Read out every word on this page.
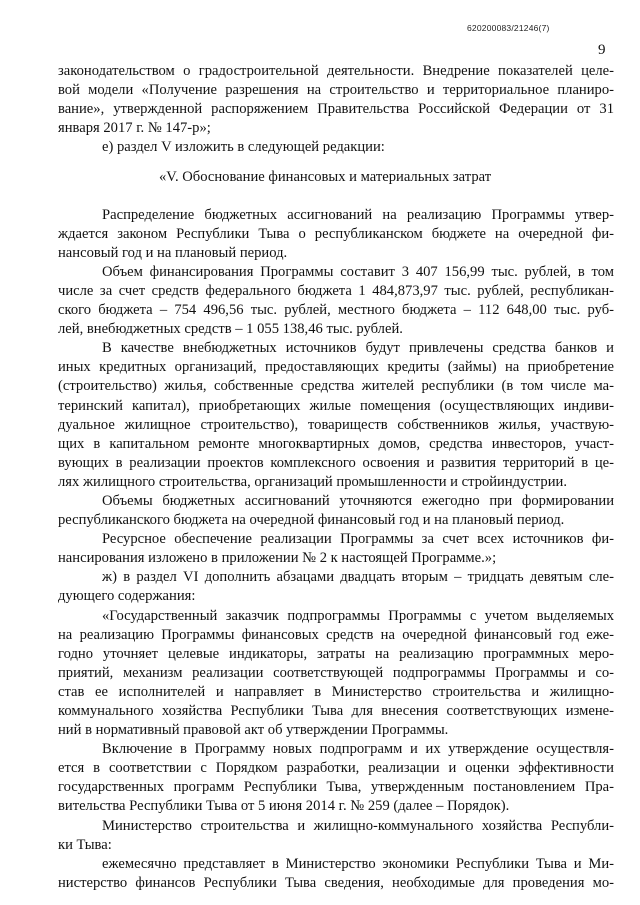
620200083/21246(7)
9
законодательством о градостроительной деятельности. Внедрение показателей целе-
вой модели «Получение разрешения на строительство и территориальное планиро-
вание», утвержденной распоряжением Правительства Российской Федерации от 31
января 2017 г. № 147-р»;
е) раздел V изложить в следующей редакции:
«V. Обоснование финансовых и материальных затрат
Распределение бюджетных ассигнований на реализацию Программы утвер-
ждается законом Республики Тыва о республиканском бюджете на очередной фи-
нансовый год и на плановый период.
Объем финансирования Программы составит 3 407 156,99 тыс. рублей, в том
числе за счет средств федерального бюджета 1 484,873,97 тыс. рублей, республикан-
ского бюджета – 754 496,56 тыс. рублей, местного бюджета – 112 648,00 тыс. руб-
лей, внебюджетных средств – 1 055 138,46 тыс. рублей.
В качестве внебюджетных источников будут привлечены средства банков и
иных кредитных организаций, предоставляющих кредиты (займы) на приобретение
(строительство) жилья, собственные средства жителей республики (в том числе ма-
теринский капитал), приобретающих жилые помещения (осуществляющих индиви-
дуальное жилищное строительство), товариществ собственников жилья, участвую-
щих в капитальном ремонте многоквартирных домов, средства инвесторов, участ-
вующих в реализации проектов комплексного освоения и развития территорий в це-
лях жилищного строительства, организаций промышленности и стройиндустрии.
Объемы бюджетных ассигнований уточняются ежегодно при формировании
республиканского бюджета на очередной финансовый год и на плановый период.
Ресурсное обеспечение реализации Программы за счет всех источников фи-
нансирования изложено в приложении № 2 к настоящей Программе.»;
ж) в раздел VI дополнить абзацами двадцать вторым – тридцать девятым сле-
дующего содержания:
«Государственный заказчик подпрограммы Программы с учетом выделяемых
на реализацию Программы финансовых средств на очередной финансовый год еже-
годно уточняет целевые индикаторы, затраты на реализацию программных меро-
приятий, механизм реализации соответствующей подпрограммы Программы и со-
став ее исполнителей и направляет в Министерство строительства и жилищно-
коммунального хозяйства Республики Тыва для внесения соответствующих измене-
ний в нормативный правовой акт об утверждении Программы.
Включение в Программу новых подпрограмм и их утверждение осуществля-
ется в соответствии с Порядком разработки, реализации и оценки эффективности
государственных программ Республики Тыва, утвержденным постановлением Пра-
вительства Республики Тыва от 5 июня 2014 г. № 259 (далее – Порядок).
Министерство строительства и жилищно-коммунального хозяйства Республи-
ки Тыва:
ежемесячно представляет в Министерство экономики Республики Тыва и Ми-
нистерство финансов Республики Тыва сведения, необходимые для проведения мо-
